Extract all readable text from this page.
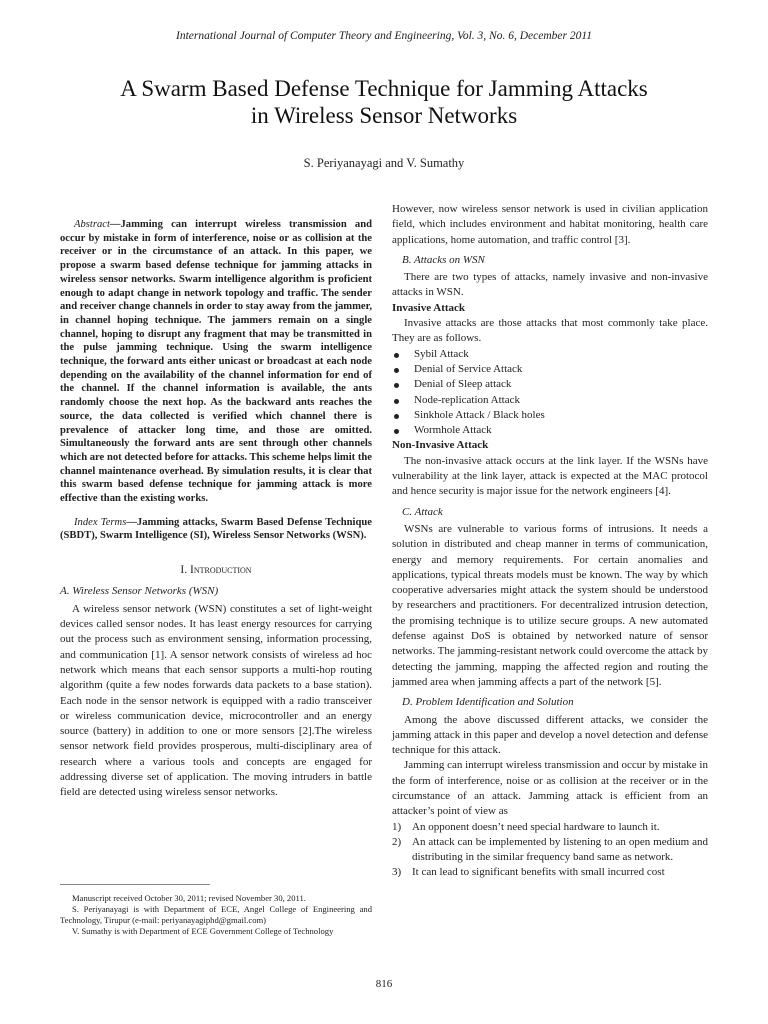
International Journal of Computer Theory and Engineering, Vol. 3, No. 6, December 2011
A Swarm Based Defense Technique for Jamming Attacks
in Wireless Sensor Networks
S. Periyanayagi and V. Sumathy

Abstract—Jamming can interrupt wireless transmission and occur by mistake in form of interference, noise or as collision at the receiver or in the circumstance of an attack. In this paper, we propose a swarm based defense technique for jamming attacks in wireless sensor networks. Swarm intelligence algorithm is proficient enough to adapt change in network topology and traffic. The sender and receiver change channels in order to stay away from the jammer, in channel hoping technique. The jammers remain on a single channel, hoping to disrupt any fragment that may be transmitted in the pulse jamming technique. Using the swarm intelligence technique, the forward ants either unicast or broadcast at each node depending on the availability of the channel information for end of the channel. If the channel information is available, the ants randomly choose the next hop. As the backward ants reaches the source, the data collected is verified which channel there is prevalence of attacker long time, and those are omitted. Simultaneously the forward ants are sent through other channels which are not detected before for attacks. This scheme helps limit the channel maintenance overhead. By simulation results, it is clear that this swarm based defense technique for jamming attack is more effective than the existing works.

Index Terms—Jamming attacks, Swarm Based Defense Technique (SBDT), Swarm Intelligence (SI), Wireless Sensor Networks (WSN).

I. Introduction
A. Wireless Sensor Networks (WSN)

A wireless sensor network (WSN) constitutes a set of light-weight devices called sensor nodes. It has least energy resources for carrying out the process such as environment sensing, information processing, and communication [1]. A sensor network consists of wireless ad hoc network which means that each sensor supports a multi-hop routing algorithm (quite a few nodes forwards data packets to a base station). Each node in the sensor network is equipped with a radio transceiver or wireless communication device, microcontroller and an energy source (battery) in addition to one or more sensors [2].The wireless sensor network field provides prosperous, multi-disciplinary area of research where a various tools and concepts are engaged for addressing diverse set of application. The moving intruders in battle field are detected using wireless sensor networks.

Manuscript received October 30, 2011; revised November 30, 2011.

S. Periyanayagi is with Department of ECE, Angel College of Engineering and Technology, Tirupur (e-mail: periyanayagiphd@gmail.com)

V. Sumathy is with Department of ECE Government College of Technology

However, now wireless sensor network is used in civilian application field, which includes environment and habitat monitoring, health care applications, home automation, and traffic control [3].

B. Attacks on WSN

There are two types of attacks, namely invasive and non-invasive attacks in WSN.

Invasive Attack

Invasive attacks are those attacks that most commonly take place. They are as follows.

Sybil Attack
Denial of Service Attack
Denial of Sleep attack
Node-replication Attack
Sinkhole Attack / Black holes
Wormhole Attack

Non-Invasive Attack

The non-invasive attack occurs at the link layer. If the WSNs have vulnerability at the link layer, attack is expected at the MAC protocol and hence security is major issue for the network engineers [4].

C. Attack

WSNs are vulnerable to various forms of intrusions. It needs a solution in distributed and cheap manner in terms of communication, energy and memory requirements. For certain anomalies and applications, typical threats models must be known. The way by which cooperative adversaries might attack the system should be understood by researchers and practitioners. For decentralized intrusion detection, the promising technique is to utilize secure groups. A new automated defense against DoS is obtained by networked nature of sensor networks. The jamming-resistant network could overcome the attack by detecting the jamming, mapping the affected region and routing the jammed area when jamming affects a part of the network [5].

D. Problem Identification and Solution

Among the above discussed different attacks, we consider the jamming attack in this paper and develop a novel detection and defense technique for this attack.

Jamming can interrupt wireless transmission and occur by mistake in the form of interference, noise or as collision at the receiver or in the circumstance of an attack. Jamming attack is efficient from an attacker’s point of view as

1) An opponent doesn’t need special hardware to launch it.
2) An attack can be implemented by listening to an open medium and distributing in the similar frequency band same as network.
3) It can lead to significant benefits with small incurred cost
816
